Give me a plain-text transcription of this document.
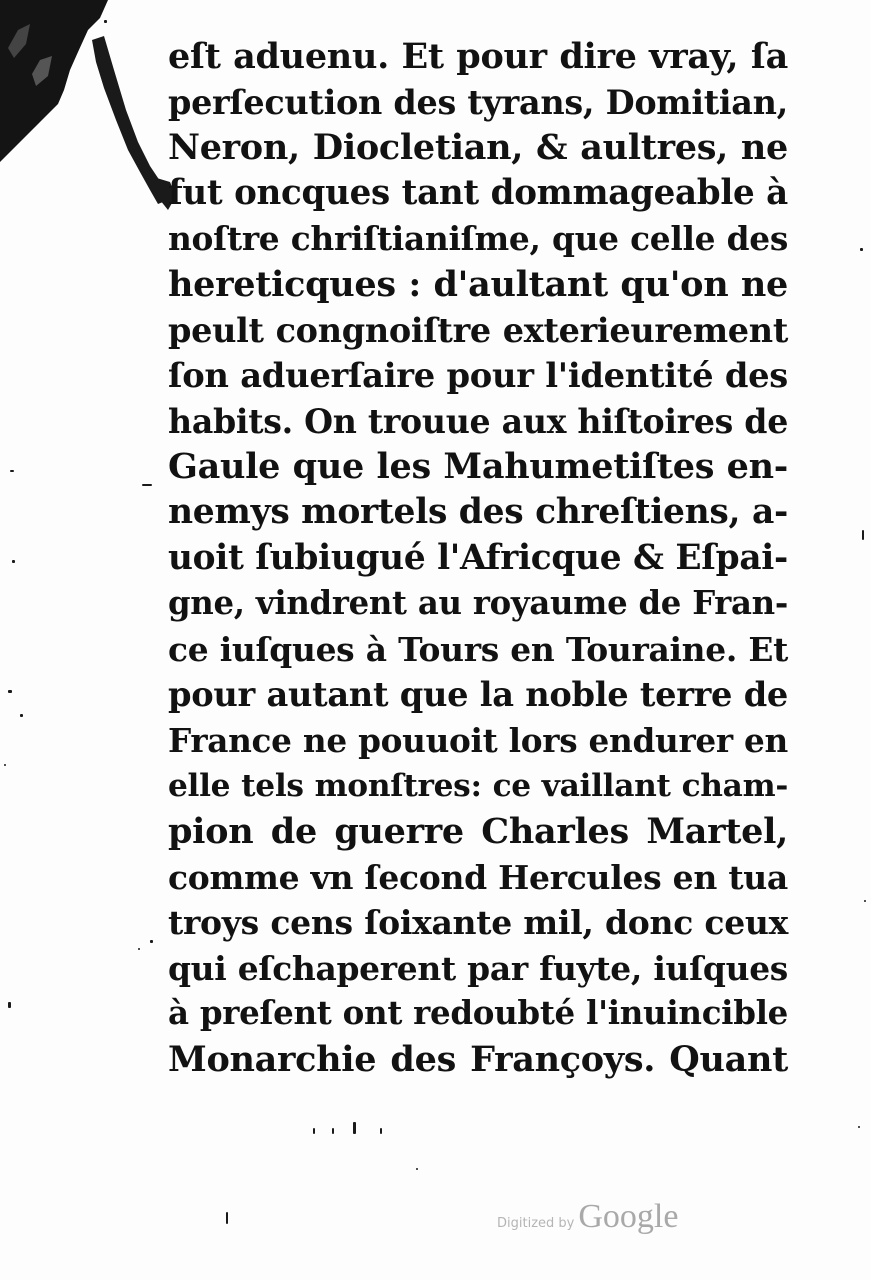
eſt aduenu. Et pour dire vray, ſa
perſecution des tyrans, Domitian,
Neron, Diocletian, & aultres, ne
fut oncques tant dommageable à
noſtre chriſtianiſme, que celle des
hereticques : d'aultant qu'on ne
peult congnoiſtre exterieurement
ſon aduerſaire pour l'identité des
habits. On trouue aux hiſtoires de
Gaule que les Mahumetiſtes en-
nemys mortels des chreſtiens, a-
uoit ſubiugué l'Africque & Eſpai-
gne, vindrent au royaume de Fran-
ce iuſques à Tours en Touraine. Et
pour autant que la noble terre de
France ne pouuoit lors endurer en
elle tels monſtres: ce vaillant cham-
pion de guerre Charles Martel,
comme vn ſecond Hercules en tua
troys cens ſoixante mil, donc ceux
qui eſchaperent par fuyte, iuſques
à preſent ont redoubté l'inuincible
Monarchie des Françoys. Quant
Digitized by Google
